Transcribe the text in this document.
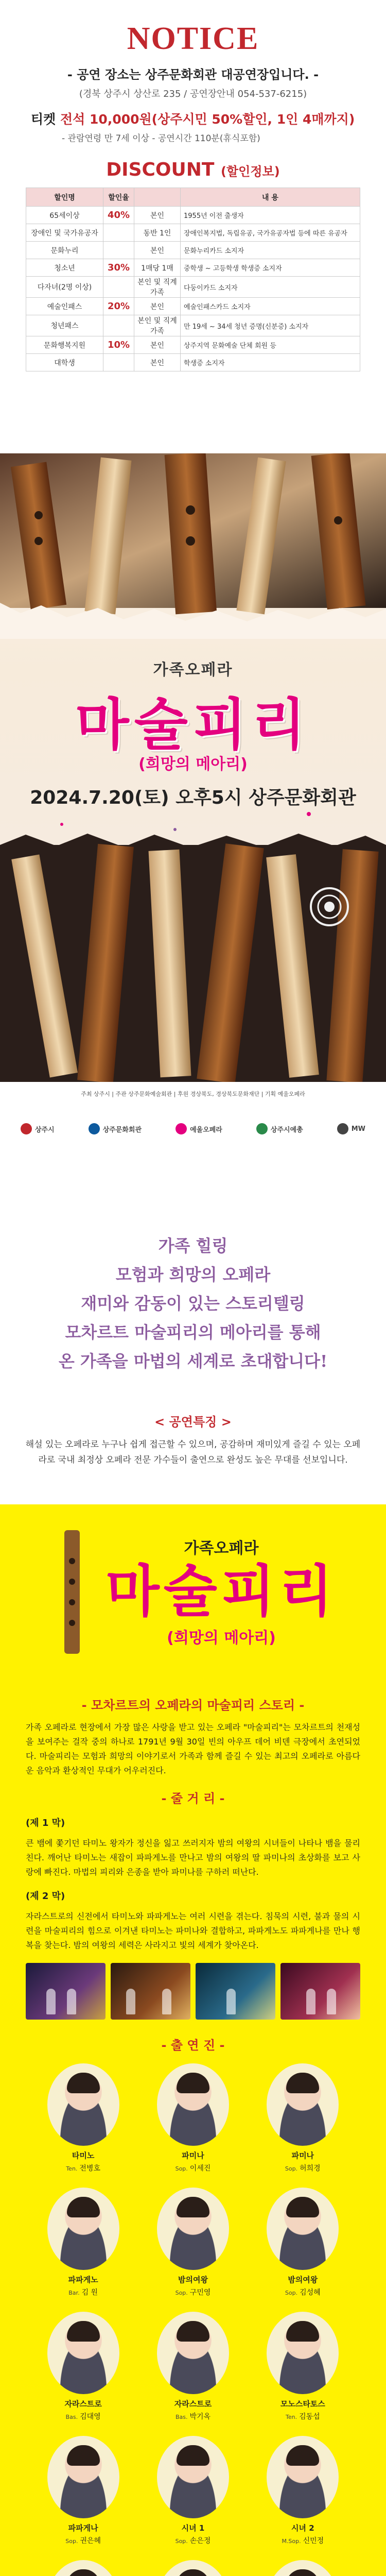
NOTICE
- 공연 장소는 상주문화회관 대공연장입니다. -
(경북 상주시 상산로 235 / 공연장안내 054-537-6215)
티켓 전석 10,000원(상주시민 50%할인, 1인 4매까지)
- 관람연령 만 7세 이상 - 공연시간 110분(휴식포함)
DISCOUNT (할인정보)
할인명	할인율		내 용
65세이상	40%	본인	1955년 이전 출생자
장애인 및 국가유공자		동반 1인	장애인복지법, 독립유공, 국가유공자법 등에 따른 유공자
문화누리		본인	문화누리카드 소지자
청소년	30%	1매당 1매	중학생 ~ 고등학생 학생증 소지자
다자녀(2명 이상)		본인 및 직계가족	다둥이카드 소지자
예술인패스	20%	본인	예술인패스카드 소지자
청년패스		본인 및 직계가족	만 19세 ~ 34세 청년 증명(신분증) 소지자
문화행복지원	10%	본인	상주지역 문화예술 단체 회원 등
대학생		본인	학생증 소지자
가족오페라
마술피리
(희망의 메아리)
2024.7.20(토) 오후5시 상주문화회관
주최 상주시 | 주관 상주문화예술회관 | 후원 경상북도, 경상북도문화재단 | 기획 예울오페라
상주시	상주문화회관	예울오페라	상주시예총	MW
가족 힐링
모험과 희망의 오페라
재미와 감동이 있는 스토리텔링
모차르트 마술피리의 메아리를 통해
온 가족을 마법의 세계로 초대합니다!
< 공연특징 >
해설 있는 오페라로 누구나 쉽게 접근할 수 있으며, 공감하며 재미있게 즐길 수 있는 오페라로 국내 최정상 오페라 전문 가수들이 출연으로 완성도 높은 무대를 선보입니다.
가족오페라
마술피리
(희망의 메아리)
- 모차르트의 오페라의 마술피리 스토리 -
가족 오페라로 현장에서 가장 많은 사랑을 받고 있는 오페라 "마술피리"는 모차르트의 천재성을 보여주는 걸작 중의 하나로 1791년 9월 30일 빈의 아우프 데어 비덴 극장에서 초연되었다. 마술피리는 모험과 희망의 이야기로서 가족과 함께 즐길 수 있는 최고의 오페라로 아름다운 음악과 환상적인 무대가 어우러진다.
- 줄 거 리 -
(제 1 막)
큰 뱀에 쫓기던 타미노 왕자가 정신을 잃고 쓰러지자 밤의 여왕의 시녀들이 나타나 뱀을 물리친다. 깨어난 타미노는 새잡이 파파게노를 만나고 밤의 여왕의 딸 파미나의 초상화를 보고 사랑에 빠진다. 마법의 피리와 은종을 받아 파미나를 구하러 떠난다.
(제 2 막)
자라스트로의 신전에서 타미노와 파파게노는 여러 시련을 겪는다. 침묵의 시련, 불과 물의 시련을 마술피리의 힘으로 이겨낸 타미노는 파미나와 결합하고, 파파게노도 파파게나를 만나 행복을 찾는다. 밤의 여왕의 세력은 사라지고 빛의 세계가 찾아온다.
- 출 연 진 -
타미노
Ten. 전병호
파미나
Sop. 이세진
파미나
Sop. 허희경
파파게노
Bar. 김 원
밤의여왕
Sop. 구민영
밤의여왕
Sop. 김성혜
자라스트로
Bas. 김대영
자라스트로
Bas. 박기옥
모노스타토스
Ten. 김동섭
파파게나
Sop. 권은혜
시녀 1
Sop. 손은정
시녀 2
M.Sop. 신민정
